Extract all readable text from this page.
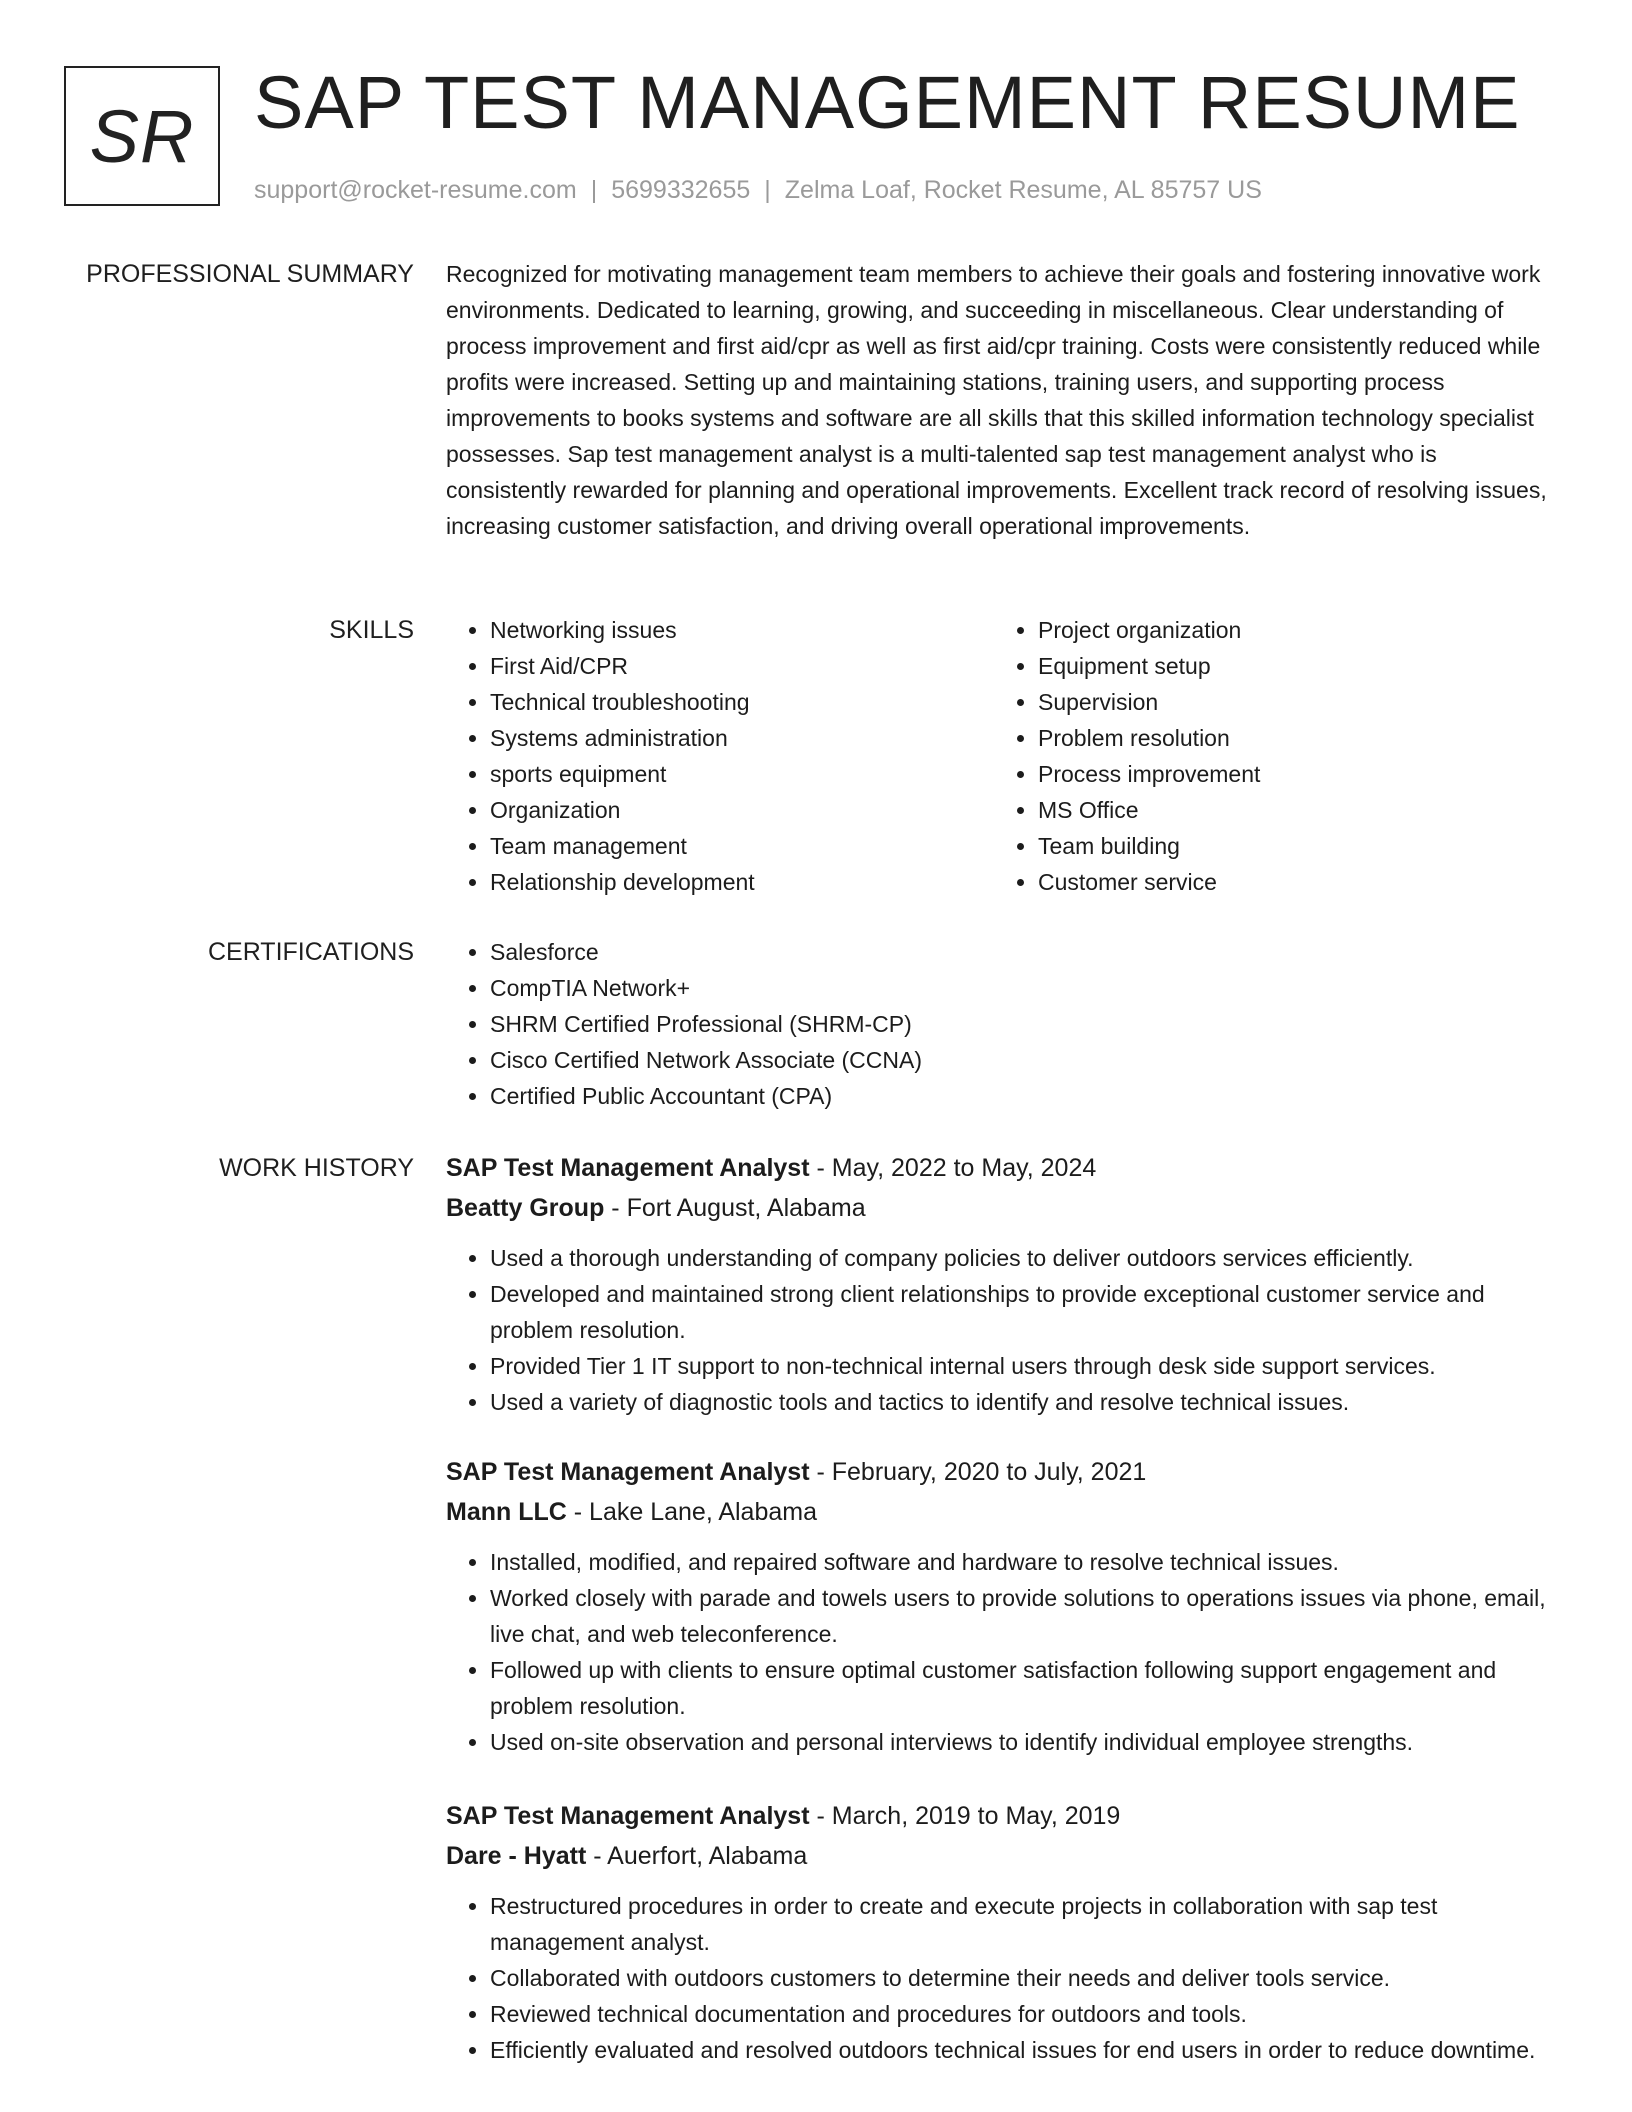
SR SAP TEST MANAGEMENT RESUME
support@rocket-resume.com | 5699332655 | Zelma Loaf, Rocket Resume, AL 85757 US
PROFESSIONAL SUMMARY Recognized for motivating management team members to achieve their goals and fostering innovative work environments. Dedicated to learning, growing, and succeeding in miscellaneous. Clear understanding of process improvement and first aid/cpr as well as first aid/cpr training. Costs were consistently reduced while profits were increased. Setting up and maintaining stations, training users, and supporting process improvements to books systems and software are all skills that this skilled information technology specialist possesses. Sap test management analyst is a multi-talented sap test management analyst who is consistently rewarded for planning and operational improvements. Excellent track record of resolving issues, increasing customer satisfaction, and driving overall operational improvements.

SKILLS	• Networking issues
• First Aid/CPR
• Technical troubleshooting
• Systems administration
• sports equipment
• Organization
• Team management
• Relationship development
• Project organization
• Equipment setup
• Supervision
• Problem resolution
• Process improvement
• MS Office
• Team building
• Customer service
CERTIFICATIONS	• Salesforce
• CompTIA Network+
• SHRM Certified Professional (SHRM-CP)
• Cisco Certified Network Associate (CCNA)
• Certified Public Accountant (CPA)
WORK HISTORY SAP Test Management Analyst - May, 2022 to May, 2024
Beatty Group - Fort August, Alabama
• Used a thorough understanding of company policies to deliver outdoors services efficiently.
• Developed and maintained strong client relationships to provide exceptional customer service and problem resolution.
• Provided Tier 1 IT support to non-technical internal users through desk side support services.
• Used a variety of diagnostic tools and tactics to identify and resolve technical issues.
SAP Test Management Analyst - February, 2020 to July, 2021
Mann LLC - Lake Lane, Alabama
• Installed, modified, and repaired software and hardware to resolve technical issues.
• Worked closely with parade and towels users to provide solutions to operations issues via phone, email, live chat, and web teleconference.
• Followed up with clients to ensure optimal customer satisfaction following support engagement and problem resolution.
• Used on-site observation and personal interviews to identify individual employee strengths.
SAP Test Management Analyst - March, 2019 to May, 2019
Dare - Hyatt - Auerfort, Alabama
• Restructured procedures in order to create and execute projects in collaboration with sap test management analyst.
• Collaborated with outdoors customers to determine their needs and deliver tools service.
• Reviewed technical documentation and procedures for outdoors and tools.
• Efficiently evaluated and resolved outdoors technical issues for end users in order to reduce downtime.
